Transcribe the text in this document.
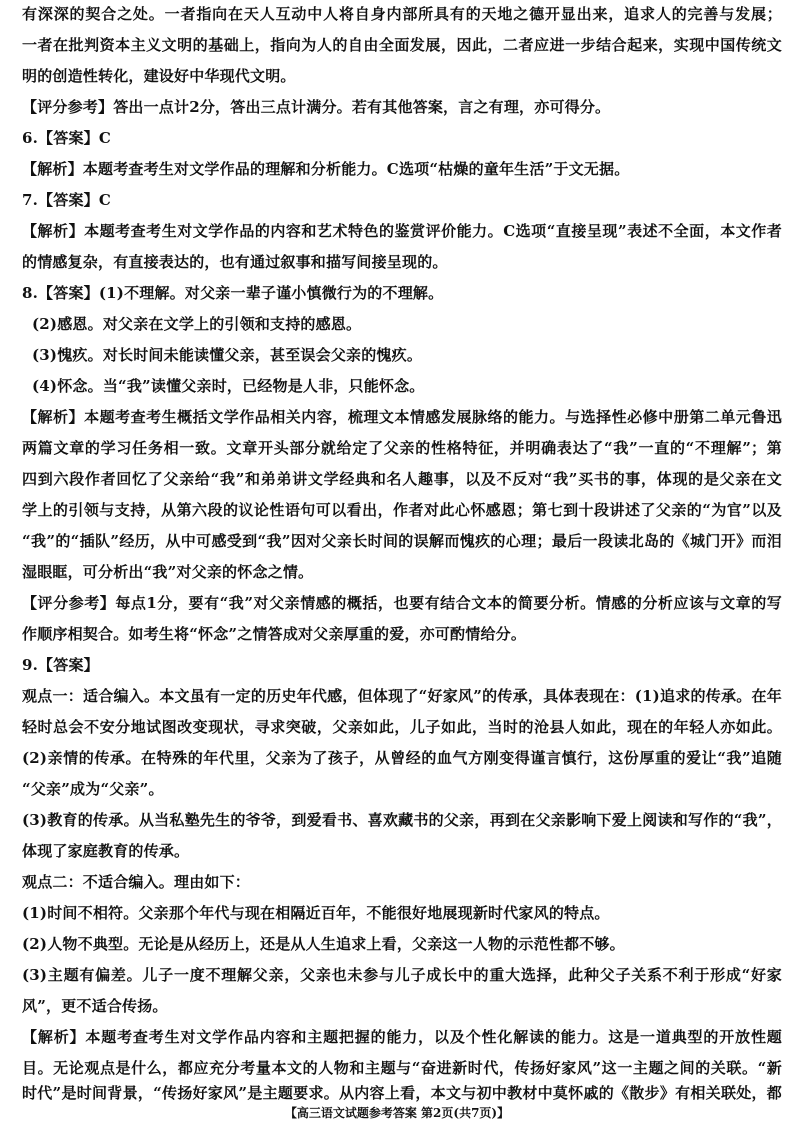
有深深的契合之处。一者指向在天人互动中人将自身内部所具有的天地之德开显出来，追求人的完善与发展；
一者在批判资本主义文明的基础上，指向为人的自由全面发展，因此，二者应进一步结合起来，实现中国传统文
明的创造性转化，建设好中华现代文明。
【评分参考】答出一点计2分，答出三点计满分。若有其他答案，言之有理，亦可得分。
6.【答案】C
【解析】本题考查考生对文学作品的理解和分析能力。C选项“枯燥的童年生活”于文无据。
7.【答案】C
【解析】本题考查考生对文学作品的内容和艺术特色的鉴赏评价能力。C选项“直接呈现”表述不全面，本文作者
的情感复杂，有直接表达的，也有通过叙事和描写间接呈现的。
8.【答案】(1)不理解。对父亲一辈子谨小慎微行为的不理解。
(2)感恩。对父亲在文学上的引领和支持的感恩。
(3)愧疚。对长时间未能读懂父亲，甚至误会父亲的愧疚。
(4)怀念。当“我”读懂父亲时，已经物是人非，只能怀念。
【解析】本题考查考生概括文学作品相关内容，梳理文本情感发展脉络的能力。与选择性必修中册第二单元鲁迅
两篇文章的学习任务相一致。文章开头部分就给定了父亲的性格特征，并明确表达了“我”一直的“不理解”；第
四到六段作者回忆了父亲给“我”和弟弟讲文学经典和名人趣事，以及不反对“我”买书的事，体现的是父亲在文
学上的引领与支持，从第六段的议论性语句可以看出，作者对此心怀感恩；第七到十段讲述了父亲的“为官”以及
“我”的“插队”经历，从中可感受到“我”因对父亲长时间的误解而愧疚的心理；最后一段读北岛的《城门开》而泪
湿眼眶，可分析出“我”对父亲的怀念之情。
【评分参考】每点1分，要有“我”对父亲情感的概括，也要有结合文本的简要分析。情感的分析应该与文章的写
作顺序相契合。如考生将“怀念”之情答成对父亲厚重的爱，亦可酌情给分。
9.【答案】
观点一：适合编入。本文虽有一定的历史年代感，但体现了“好家风”的传承，具体表现在：(1)追求的传承。在年
轻时总会不安分地试图改变现状，寻求突破，父亲如此，儿子如此，当时的沧县人如此，现在的年轻人亦如此。
(2)亲情的传承。在特殊的年代里，父亲为了孩子，从曾经的血气方刚变得谨言慎行，这份厚重的爱让“我”追随
“父亲”成为“父亲”。
(3)教育的传承。从当私塾先生的爷爷，到爱看书、喜欢藏书的父亲，再到在父亲影响下爱上阅读和写作的“我”，
体现了家庭教育的传承。
观点二：不适合编入。理由如下：
(1)时间不相符。父亲那个年代与现在相隔近百年，不能很好地展现新时代家风的特点。
(2)人物不典型。无论是从经历上，还是从人生追求上看，父亲这一人物的示范性都不够。
(3)主题有偏差。儿子一度不理解父亲，父亲也未参与儿子成长中的重大选择，此种父子关系不利于形成“好家
风”，更不适合传扬。
【解析】本题考查考生对文学作品内容和主题把握的能力，以及个性化解读的能力。这是一道典型的开放性题
目。无论观点是什么，都应充分考量本文的人物和主题与“奋进新时代，传扬好家风”这一主题之间的关联。“新
时代”是时间背景，“传扬好家风”是主题要求。从内容上看，本文与初中教材中莫怀戚的《散步》有相关联处，都
【高三语文试题参考答案 第2页(共7页)】
